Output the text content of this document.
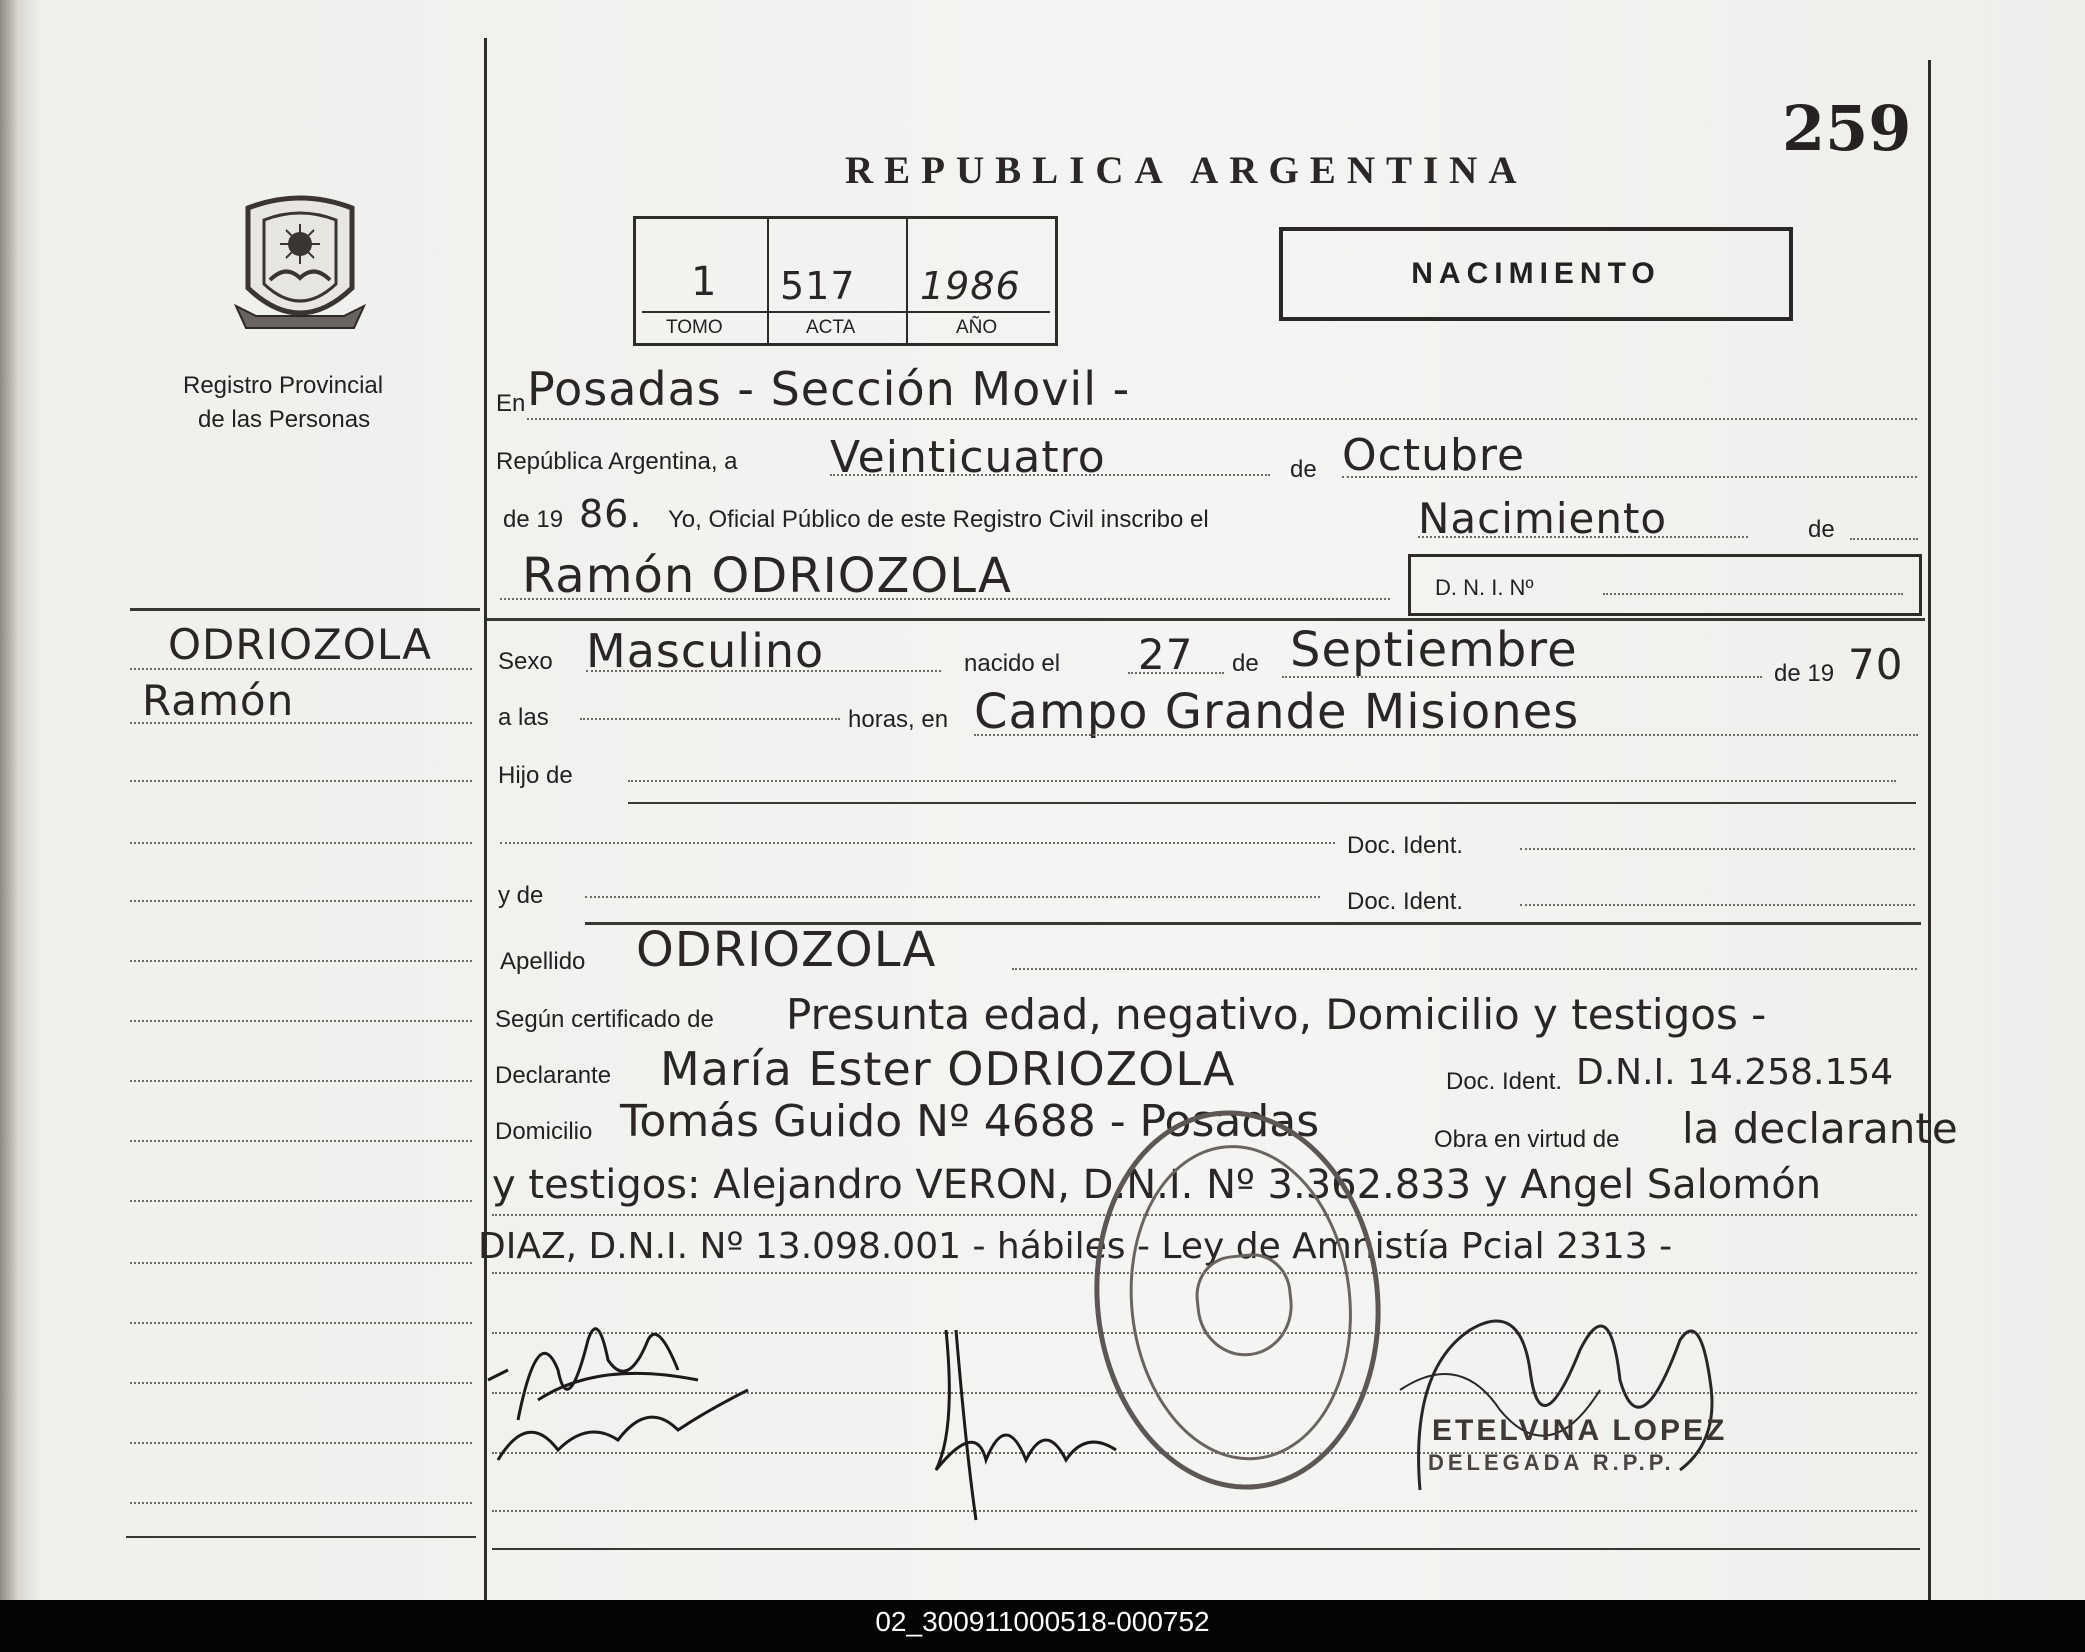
259
REPUBLICA ARGENTINA
1 517 1986
TOMO	ACTA	AÑO
NACIMIENTO
Registro Provincial
de las Personas
ODRIOZOLA
Ramón
En Posadas - Sección Movil -
República Argentina, a Veinticuatro	de Octubre
de 19 86. Yo, Oficial Público de este Registro Civil inscribo el	Nacimiento	de
Ramón ODRIOZOLA	D. N. I. Nº
Sexo Masculino	nacido el 27 de Septiembre	de 19 70
a las	horas, en Campo Grande Misiones
Hijo de
Doc. Ident.
y de	Doc. Ident.
Apellido ODRIOZOLA
Según certificado de Presunta edad, negativo, Domicilio y testigos -
Declarante María Ester ODRIOZOLA	Doc. Ident. D.N.I. 14.258.154
Domicilio Tomás Guido Nº 4688 - Posadas	Obra en virtud de la declarante
y testigos: Alejandro VERON, D.N.I. Nº 3.362.833 y Angel Salomón
DIAZ, D.N.I. Nº 13.098.001 - hábiles - Ley de Amnistía Pcial 2313 -
ETELVINA LOPEZ
DELEGADA R.P.P.
02_300911000518-000752
